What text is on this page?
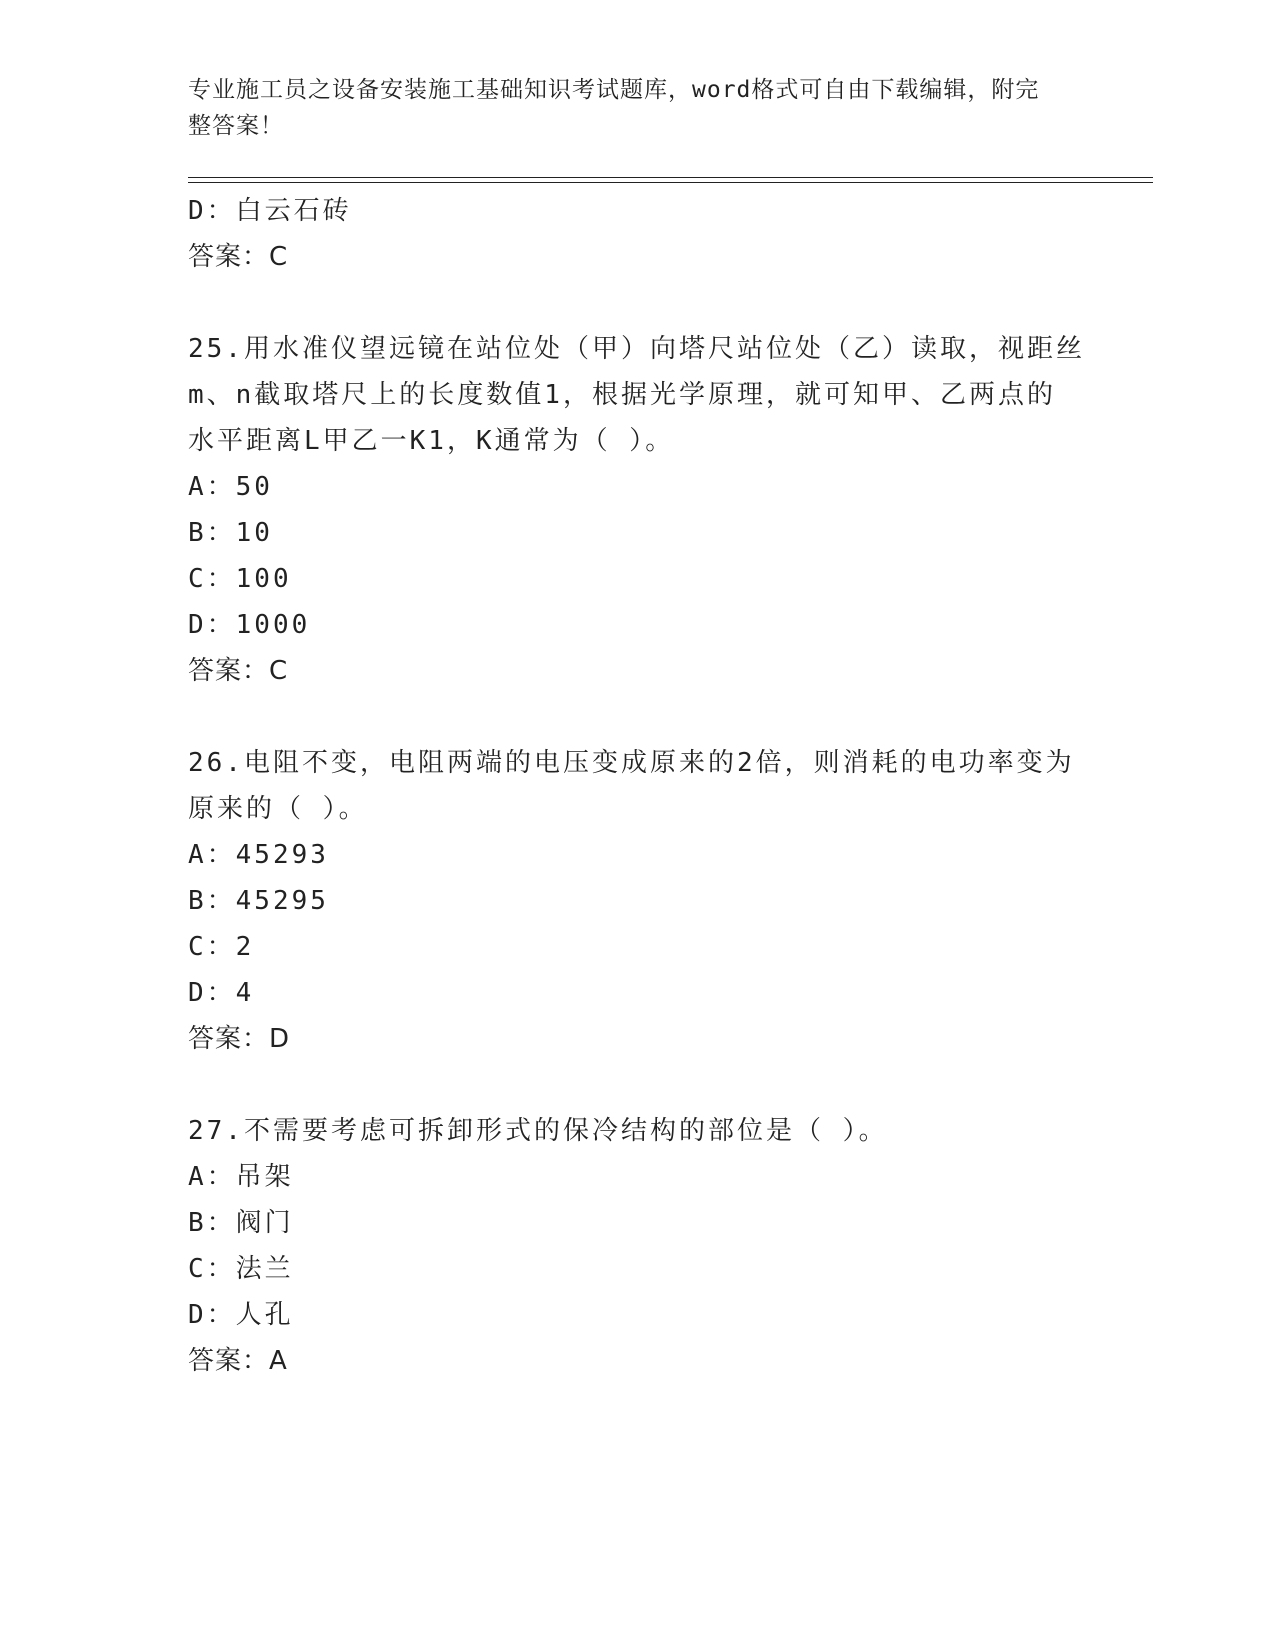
专业施工员之设备安装施工基础知识考试题库，word格式可自由下载编辑，附完
整答案！
D：白云石砖
答案：C
25.用水准仪望远镜在站位处（甲）向塔尺站位处（乙）读取，视距丝
m、n截取塔尺上的长度数值1，根据光学原理，就可知甲、乙两点的
水平距离L甲乙一K1，K通常为（ ）。
A：50
B：10
C：100
D：1000
答案：C
26.电阻不变，电阻两端的电压变成原来的2倍，则消耗的电功率变为
原来的（ ）。
A：45293
B：45295
C：2
D：4
答案：D
27.不需要考虑可拆卸形式的保冷结构的部位是（ ）。
A：吊架
B：阀门
C：法兰
D：人孔
答案：A
